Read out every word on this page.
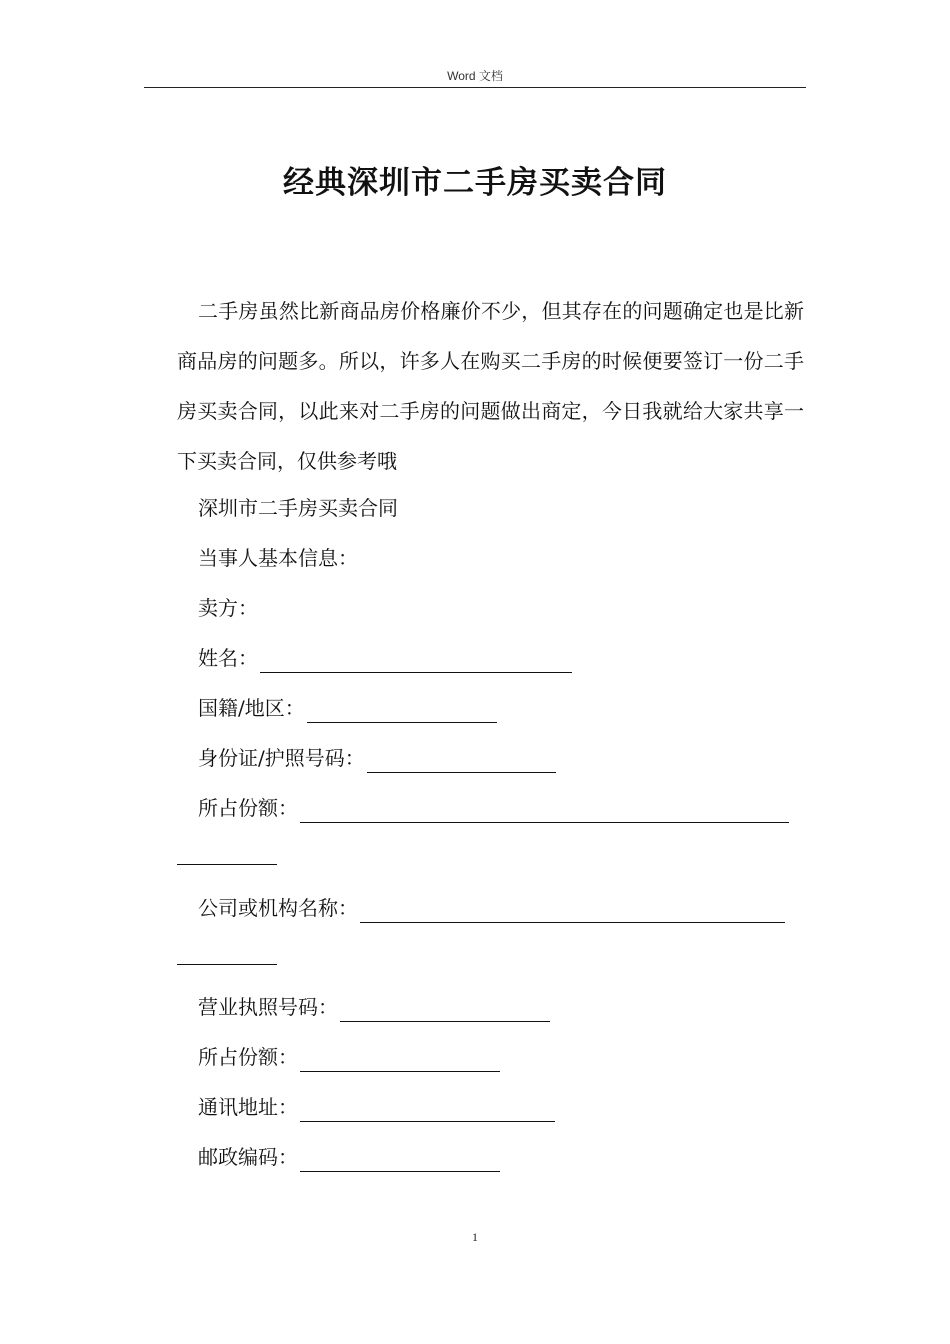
Word 文档
经典深圳市二手房买卖合同

二手房虽然比新商品房价格廉价不少，但其存在的问题确定也是比新商品房的问题多。所以，许多人在购买二手房的时候便要签订一份二手房买卖合同，以此来对二手房的问题做出商定，今日我就给大家共享一下买卖合同，仅供参考哦

深圳市二手房买卖合同
当事人基本信息：
卖方：
姓名：
国籍/地区：
身份证/护照号码：
所占份额：
公司或机构名称：
营业执照号码：
所占份额：
通讯地址：
邮政编码：
1
